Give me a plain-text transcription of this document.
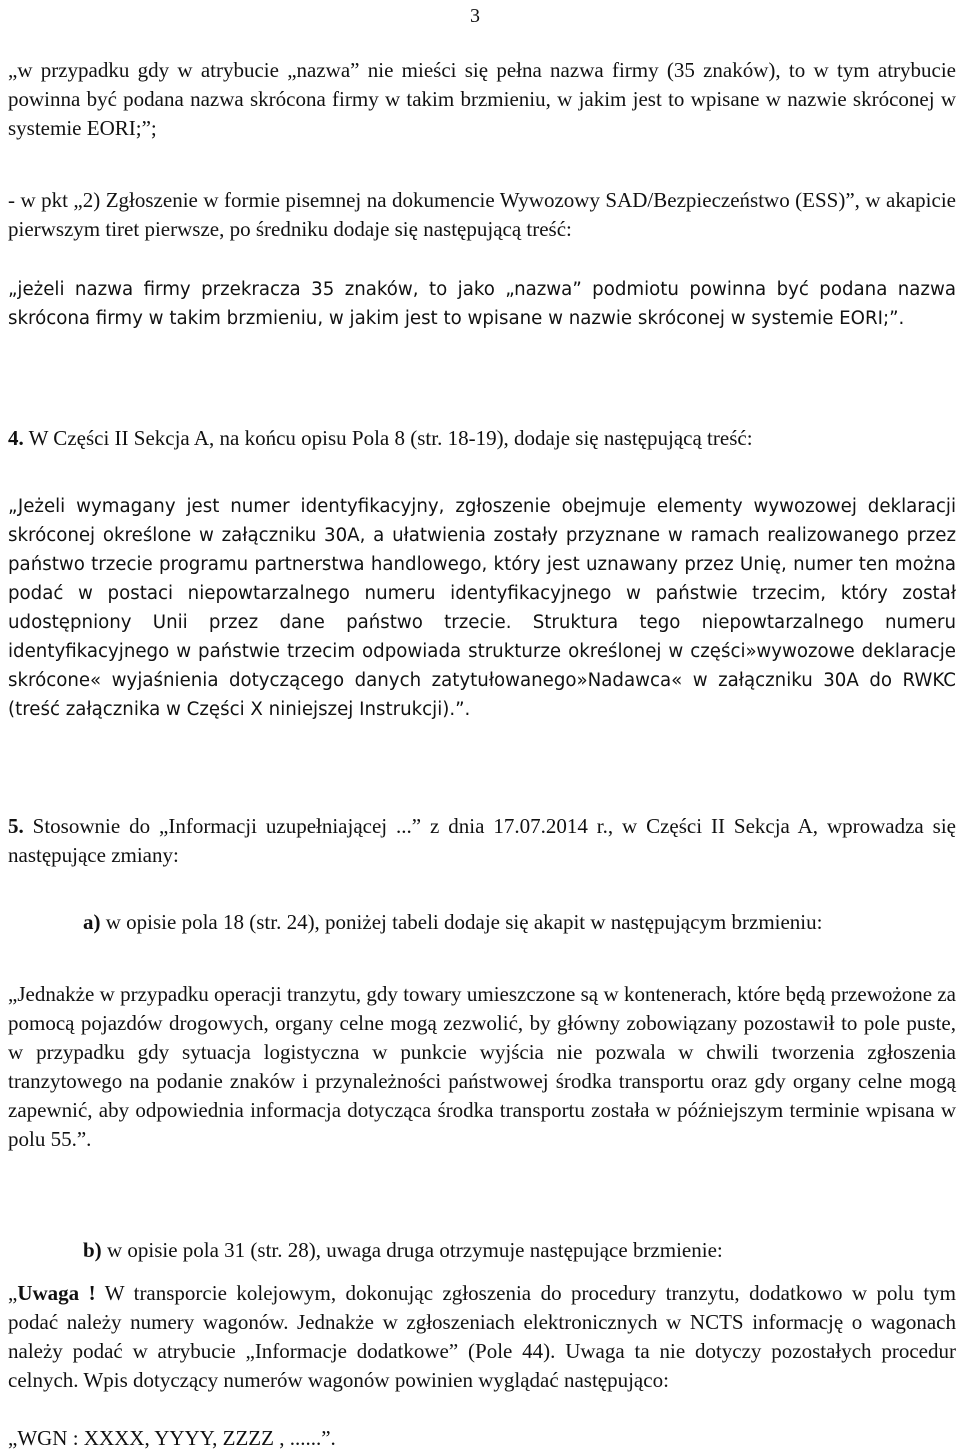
3

„w przypadku gdy w atrybucie „nazwa” nie mieści się pełna nazwa firmy (35 znaków), to w tym atrybucie powinna być podana nazwa skrócona firmy w takim brzmieniu, w jakim jest to wpisane w nazwie skróconej w systemie EORI;”;

- w pkt „2) Zgłoszenie w formie pisemnej na dokumencie Wywozowy SAD/Bezpieczeństwo (ESS)”, w akapicie pierwszym tiret pierwsze, po średniku dodaje się następującą treść:

„jeżeli nazwa firmy przekracza 35 znaków, to jako „nazwa” podmiotu powinna być podana nazwa skrócona firmy w takim brzmieniu, w jakim jest to wpisane w nazwie skróconej w systemie EORI;”.

4. W Części II Sekcja A, na końcu opisu Pola 8 (str. 18-19), dodaje się następującą treść:

„Jeżeli wymagany jest numer identyfikacyjny, zgłoszenie obejmuje elementy wywozowej deklaracji skróconej określone w załączniku 30A, a ułatwienia zostały przyznane w ramach realizowanego przez państwo trzecie programu partnerstwa handlowego, który jest uznawany przez Unię, numer ten można podać w postaci niepowtarzalnego numeru identyfikacyjnego w państwie trzecim, który został udostępniony Unii przez dane państwo trzecie. Struktura tego niepowtarzalnego numeru identyfikacyjnego w państwie trzecim odpowiada strukturze określonej w części»wywozowe deklaracje skrócone« wyjaśnienia dotyczącego danych zatytułowanego»Nadawca« w załączniku 30A do RWKC (treść załącznika w Części X niniejszej Instrukcji).”.

5. Stosownie do „Informacji uzupełniającej ...” z dnia 17.07.2014 r., w Części II Sekcja A, wprowadza się następujące zmiany:

a) w opisie pola 18 (str. 24), poniżej tabeli dodaje się akapit w następującym brzmieniu:

„Jednakże w przypadku operacji tranzytu, gdy towary umieszczone są w kontenerach, które będą przewożone za pomocą pojazdów drogowych, organy celne mogą zezwolić, by główny zobowiązany pozostawił to pole puste, w przypadku gdy sytuacja logistyczna w punkcie wyjścia nie pozwala w chwili tworzenia zgłoszenia tranzytowego na podanie znaków i przynależności państwowej środka transportu oraz gdy organy celne mogą zapewnić, aby odpowiednia informacja dotycząca środka transportu została w późniejszym terminie wpisana w polu 55.”.

b) w opisie pola 31 (str. 28), uwaga druga otrzymuje następujące brzmienie:

„Uwaga ! W transporcie kolejowym, dokonując zgłoszenia do procedury tranzytu, dodatkowo w polu tym podać należy numery wagonów. Jednakże w zgłoszeniach elektronicznych w NCTS informację o wagonach należy podać w atrybucie „Informacje dodatkowe” (Pole 44). Uwaga ta nie dotyczy pozostałych procedur celnych. Wpis dotyczący numerów wagonów powinien wyglądać następująco:

„WGN : XXXX, YYYY, ZZZZ , ......”.
